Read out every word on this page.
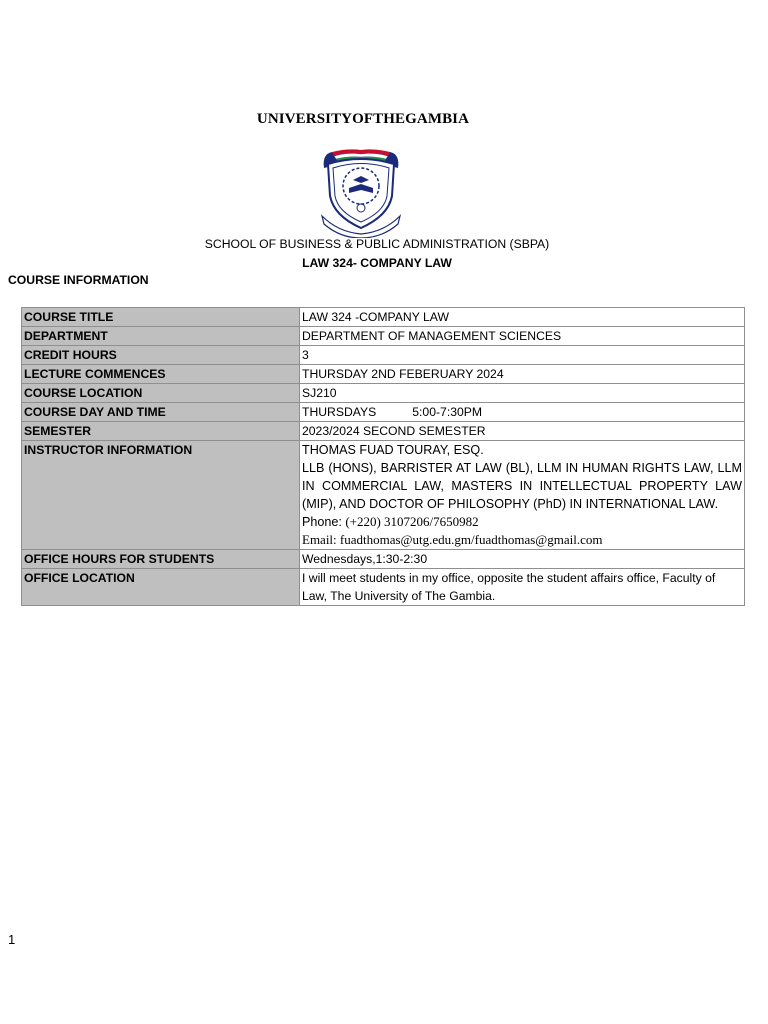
UNIVERSITYOFTHEGAMBIA
SCHOOL OF BUSINESS & PUBLIC ADMINISTRATION (SBPA)
LAW 324- COMPANY LAW
COURSE INFORMATION
COURSE TITLE	LAW 324 -COMPANY LAW
DEPARTMENT	DEPARTMENT OF MANAGEMENT SCIENCES
CREDIT HOURS	3
LECTURE COMMENCES	THURSDAY 2ND FEBERUARY 2024
COURSE LOCATION	SJ210
COURSE DAY AND TIME	THURSDAYS 5:00-7:30PM
SEMESTER	2023/2024 SECOND SEMESTER
INSTRUCTOR INFORMATION	THOMAS FUAD TOURAY, ESQ.
LLB (HONS), BARRISTER AT LAW (BL), LLM IN HUMAN RIGHTS LAW, LLM IN COMMERCIAL LAW, MASTERS IN INTELLECTUAL PROPERTY LAW (MIP), AND DOCTOR OF PHILOSOPHY (PhD) IN INTERNATIONAL LAW.
Phone: (+220) 3107206/7650982
Email: fuadthomas@utg.edu.gm/fuadthomas@gmail.com

OFFICE HOURS FOR STUDENTS	Wednesdays,1:30-2:30
OFFICE LOCATION	I will meet students in my office, opposite the student affairs office, Faculty of Law, The University of The Gambia.
1
